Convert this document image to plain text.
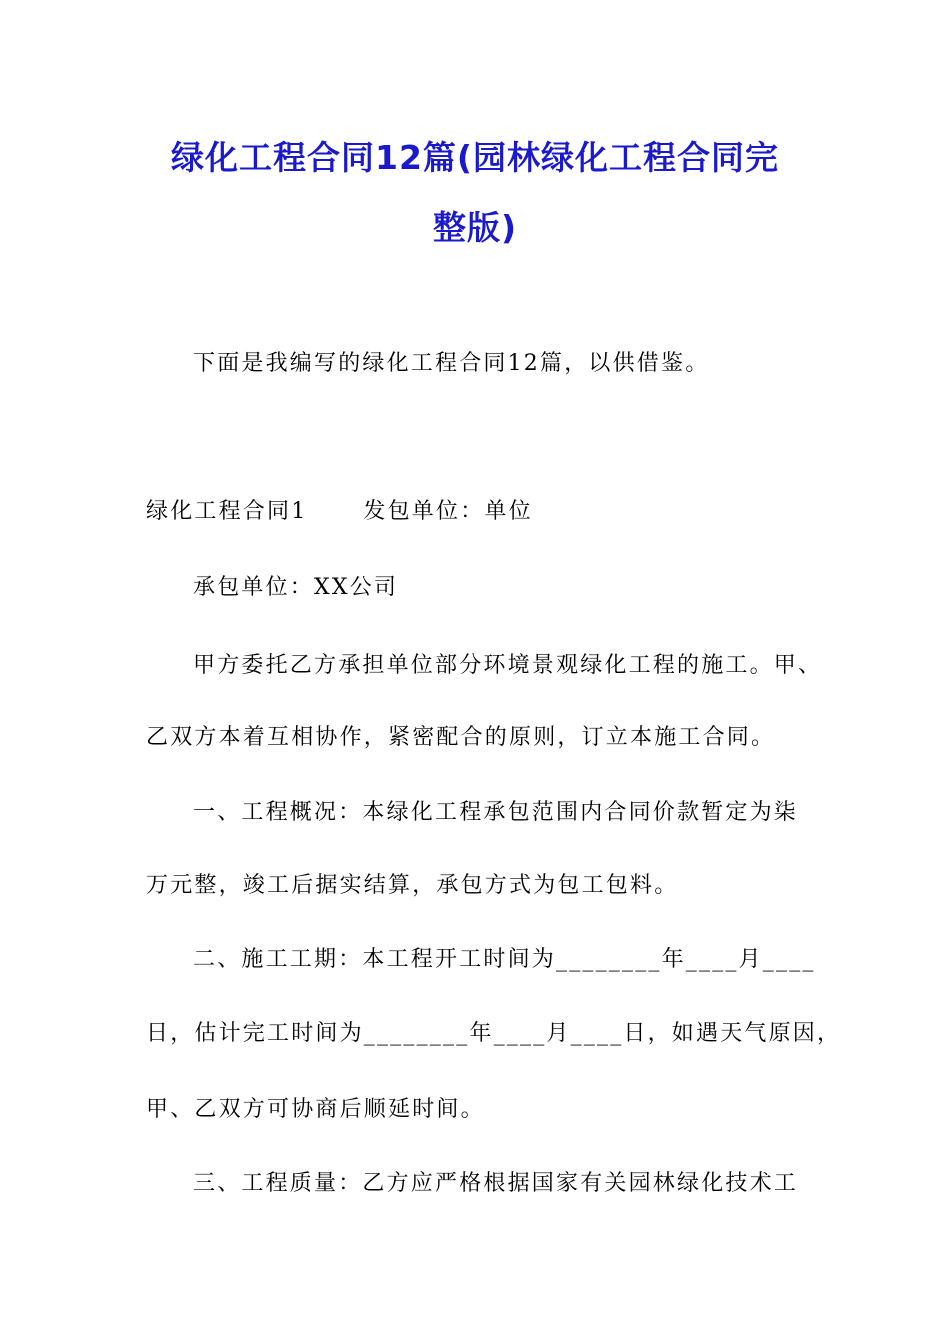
绿化工程合同12篇(园林绿化工程合同完
整版)
下面是我编写的绿化工程合同12篇，以供借鉴。
绿化工程合同1	发包单位：单位
承包单位：XX公司
甲方委托乙方承担单位部分环境景观绿化工程的施工。甲、
乙双方本着互相协作，紧密配合的原则，订立本施工合同。
一、工程概况：本绿化工程承包范围内合同价款暂定为柒
万元整，竣工后据实结算，承包方式为包工包料。
二、施工工期：本工程开工时间为________年____月____
日，估计完工时间为________年____月____日，如遇天气原因，
甲、乙双方可协商后顺延时间。
三、工程质量：乙方应严格根据国家有关园林绿化技术工
